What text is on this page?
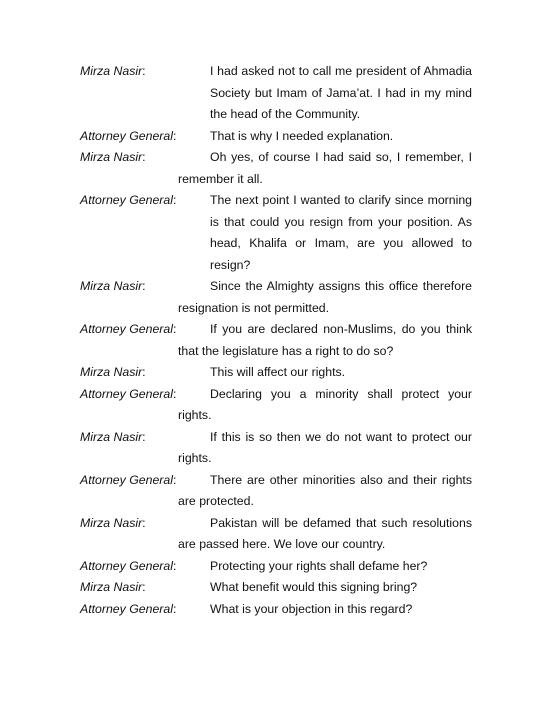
Mirza Nasir:	I had asked not to call me president of Ahmadia Society but Imam of Jama’at. I had in my mind the head of the Community.
Attorney General:	That is why I needed explanation.
Mirza Nasir:	Oh yes, of course I had said so, I remember, I remember it all.
Attorney General:	The next point I wanted to clarify since morning is that could you resign from your position. As head, Khalifa or Imam, are you allowed to resign?
Mirza Nasir:	Since the Almighty assigns this office therefore resignation is not permitted.
Attorney General:	If you are declared non-Muslims, do you think that the legislature has a right to do so?
Mirza Nasir:	This will affect our rights.
Attorney General:	Declaring you a minority shall protect your rights.
Mirza Nasir:	If this is so then we do not want to protect our rights.
Attorney General:	There are other minorities also and their rights are protected.
Mirza Nasir:	Pakistan will be defamed that such resolutions are passed here. We love our country.
Attorney General:	Protecting your rights shall defame her?
Mirza Nasir:	What benefit would this signing bring?
Attorney General:	What is your objection in this regard?
